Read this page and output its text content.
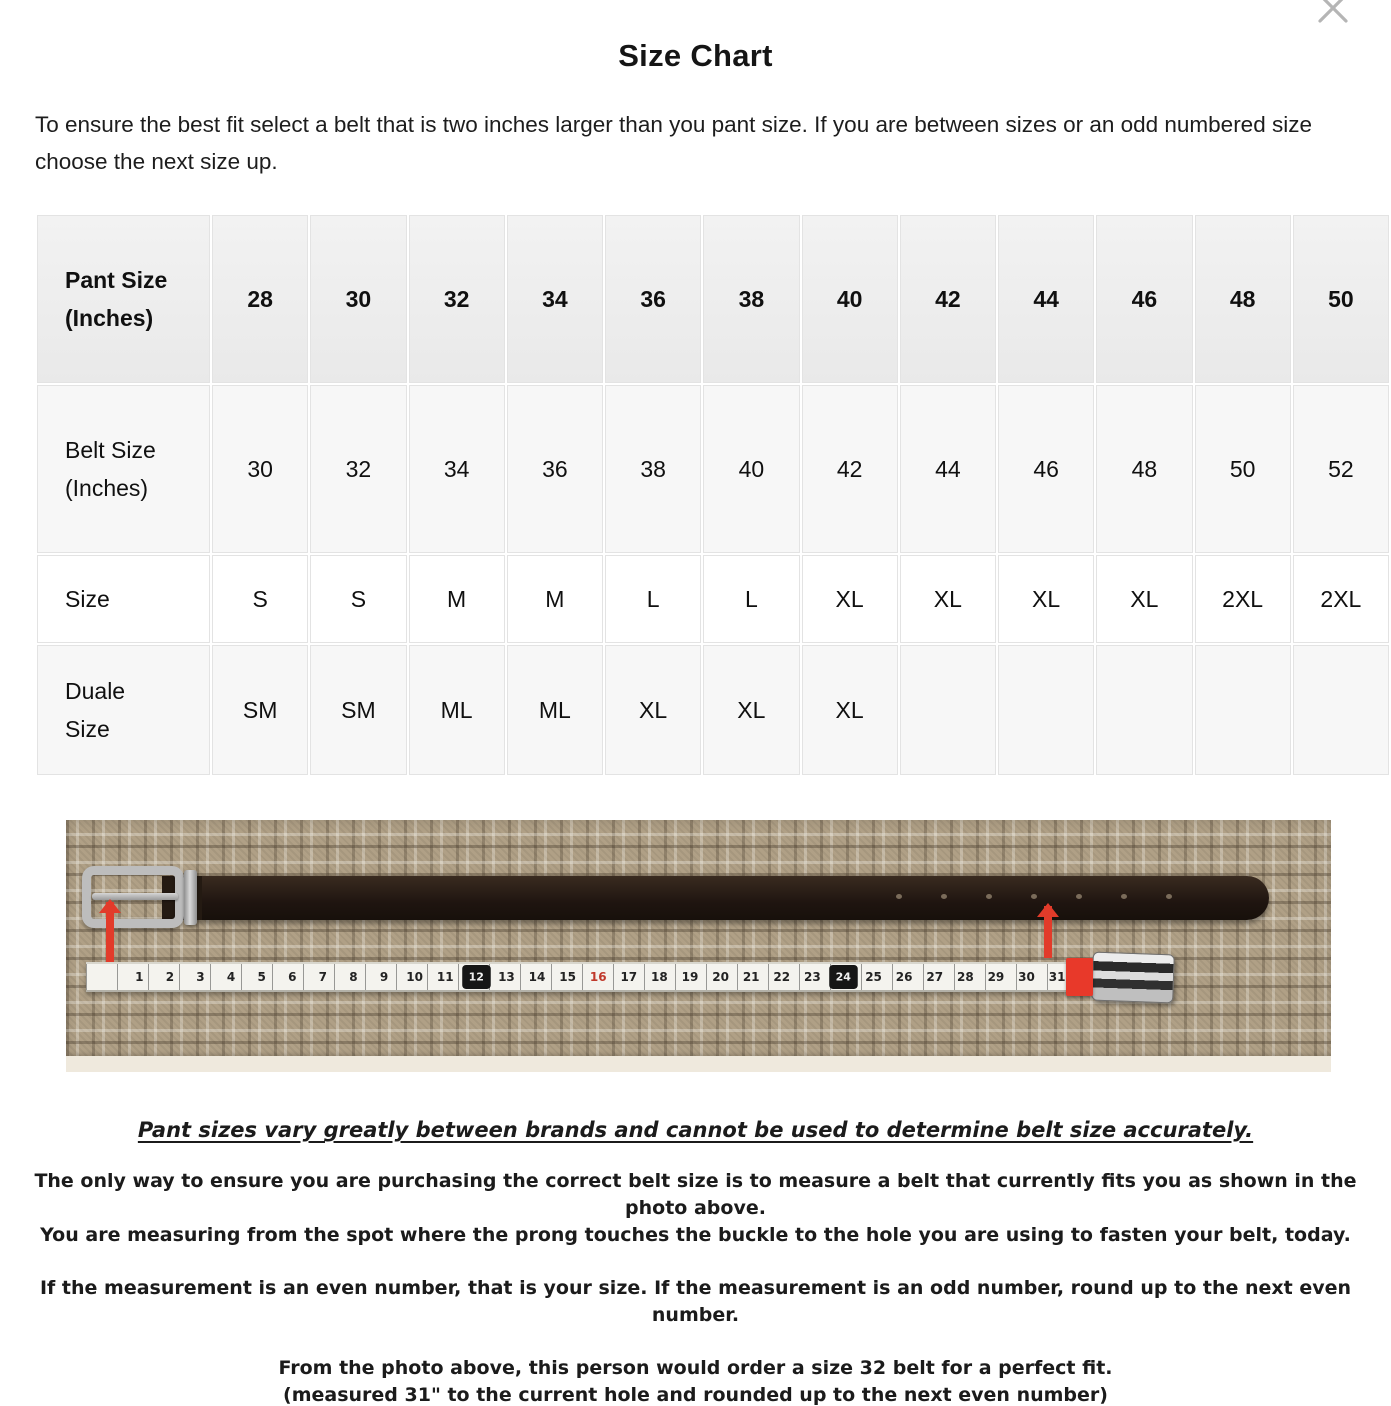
Size Chart

To ensure the best fit select a belt that is two inches larger than you pant size. If you are between sizes or an odd numbered size choose the next size up.

Pant Size (Inches)	28	30	32	34	36	38	40	42	44	46	48	50

Belt Size (Inches)	30	32	34	36	38	40	42	44	46	48	50	52

Size	S	S	M	M	L	L	XL	XL	XL	XL	2XL	2XL

Duale Size	SM	SM	ML	ML	XL	XL	XL					
1	2	3	4	5	6	7	8	9	10	11	12	13	14	15	16	17	18	19	20	21	22	23	24	25	26	27	28	29	30	31
Pant sizes vary greatly between brands and cannot be used to determine belt size accurately.
The only way to ensure you are purchasing the correct belt size is to measure a belt that currently fits you as shown in the photo above.
You are measuring from the spot where the prong touches the buckle to the hole you are using to fasten your belt, today.
If the measurement is an even number, that is your size. If the measurement is an odd number, round up to the next even number.
From the photo above, this person would order a size 32 belt for a perfect fit.
(measured 31" to the current hole and rounded up to the next even number)
